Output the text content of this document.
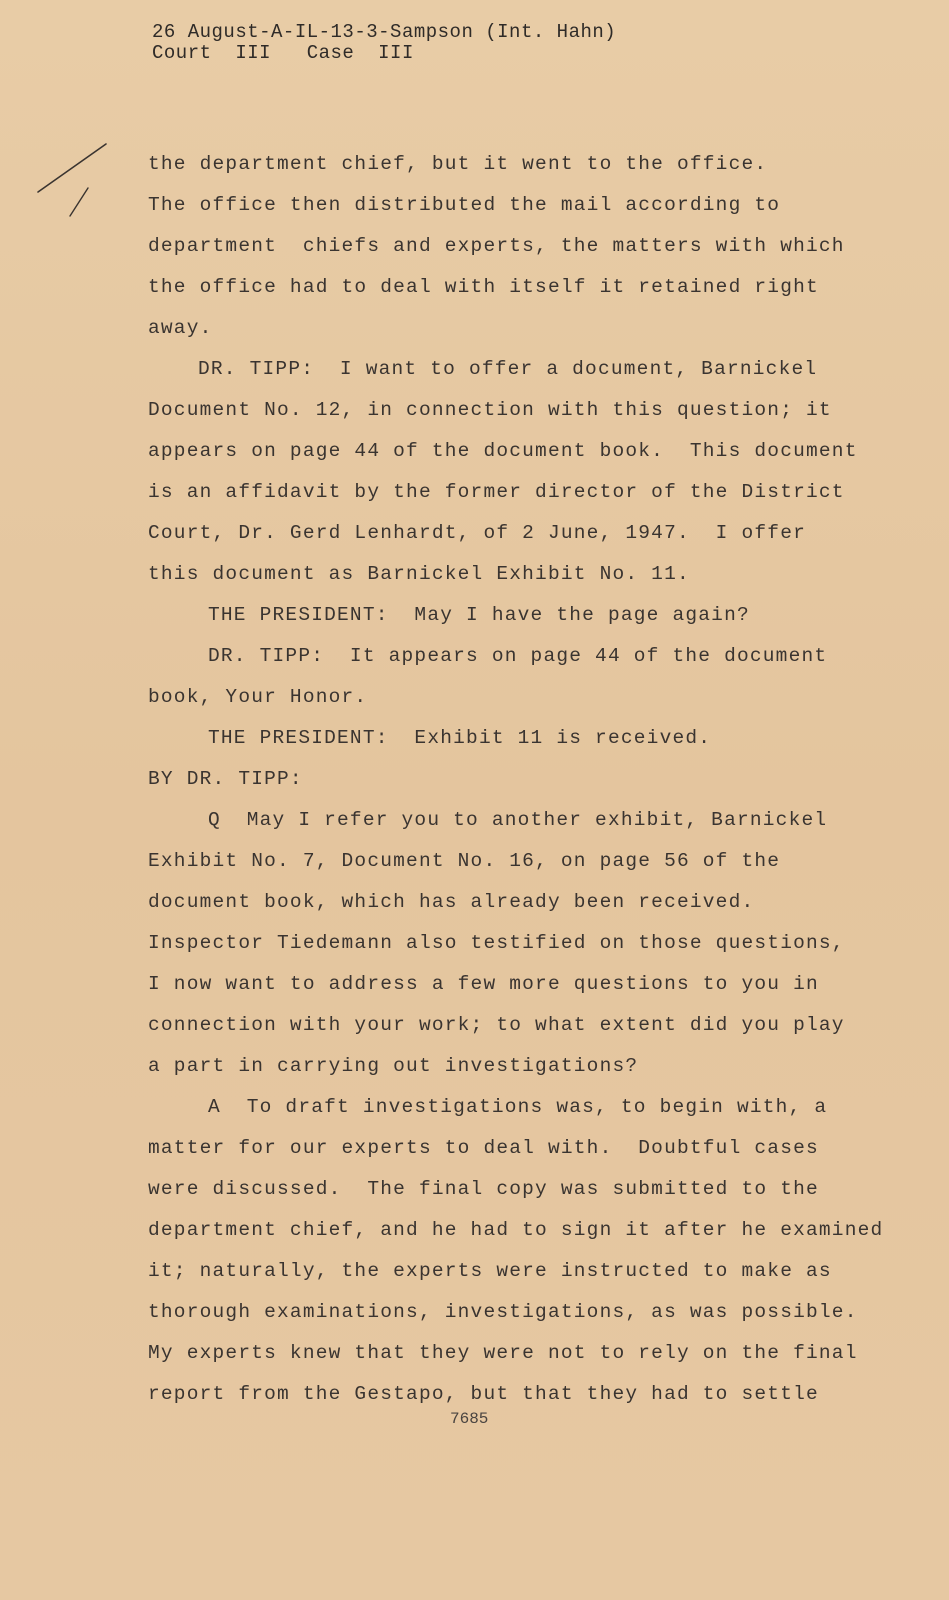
26 August-A-IL-13-3-Sampson (Int. Hahn)
Court  III   Case  III
the department chief, but it went to the office.
The office then distributed the mail according to
department  chiefs and experts, the matters with which
the office had to deal with itself it retained right
away.
DR. TIPP:  I want to offer a document, Barnickel
Document No. 12, in connection with this question; it
appears on page 44 of the document book.  This document
is an affidavit by the former director of the District
Court, Dr. Gerd Lenhardt, of 2 June, 1947.  I offer
this document as Barnickel Exhibit No. 11.
THE PRESIDENT:  May I have the page again?
DR. TIPP:  It appears on page 44 of the document
book, Your Honor.
THE PRESIDENT:  Exhibit 11 is received.
BY DR. TIPP:
Q  May I refer you to another exhibit, Barnickel
Exhibit No. 7, Document No. 16, on page 56 of the
document book, which has already been received.
Inspector Tiedemann also testified on those questions,
I now want to address a few more questions to you in
connection with your work; to what extent did you play
a part in carrying out investigations?
A  To draft investigations was, to begin with, a
matter for our experts to deal with.  Doubtful cases
were discussed.  The final copy was submitted to the
department chief, and he had to sign it after he examined
it; naturally, the experts were instructed to make as
thorough examinations, investigations, as was possible.
My experts knew that they were not to rely on the final
report from the Gestapo, but that they had to settle
7685
